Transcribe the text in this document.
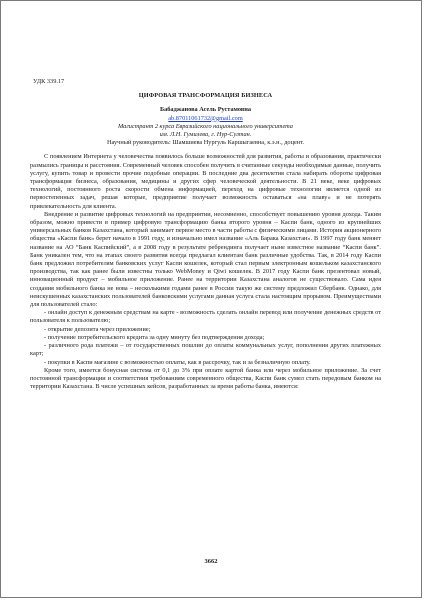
УДК 339.17

ЦИФРОВАЯ ТРАНСФОРМАЦИЯ БИЗНЕСА

Бабаджанова Асель Рустамовна

ab.87011061732@gmail.com

Магистрант 2 курса Евразийского национального университета

им. Л.Н. Гумилева, г. Нур-Султан.

Научный руководитель: Шамшиева Нургуль Каршыгаевна, к.э.н., доцент.

С появлением Интернета у человечества появилось больше возможностей для развития, работы и образования, практически размылись границы и расстояния. Современный человек способен получить в считанные секунды необходимые данные, получить услугу, купить товар и провести прочие подобные операции. В последние два десятилетия стала набирать обороты цифровая трансформация бизнеса, образования, медицины и других сфер человеческой деятельности. В 21 веке, веке цифровых технологий, постоянного роста скорости обмена информацией, переход на цифровые технологии является одной из первостепенных задач, решая которые, предприятие получает возможность оставаться «на плаву» и не потерять привлекательность для клиента.

Внедрение и развитие цифровых технологий на предприятии, несомненно, способствует повышению уровня дохода. Таким образом, можно привести в пример цифровую трансформацию банка второго уровня – Каспи банк, одного из крупнейших универсальных банков Казахстана, который занимает первое место в части работы с физическими лицами. История акционерного общества «Каспи банк» берет начало в 1991 году, и изначально имел название «Аль Барака Казахстан». В 1997 году банк меняет название на АО “Банк Каспийский”, а в 2008 году в результате ребрендинга получает ныне известное название “Каспи банк”. Банк уникален тем, что на этапах своего развития всегда предлагал клиентам банк различные удобства. Так, в 2014 году Каспи банк предложил потребителям банковских услуг Каспи кошелек, который стал первым электронным кошельком казахстанского производства, так как ранее были известны только WebMoney и Qiwi кошелек. В 2017 году Каспи банк презентовал новый, инновационный продукт – мобильное приложение. Ранее на территории Казахстана аналогов не существовало. Сама идея создания мобильного банка не нова – несколькими годами ранее в России такую же систему предложил Сбербанк. Однако, для неискушенных казахстанских пользователей банковскими услугами данная услуга стала настоящим прорывом. Преимуществами для пользователей стало:

- онлайн доступ к денежным средствам на карте - возможность сделать онлайн перевод или получение денежных средств от пользователя к пользователю;

- открытие депозита через приложение;

- получение потребительского кредита за одну минуту без подтверждения дохода;

- различного рода платежи – от государственных пошлин до оплаты коммунальных услуг, пополнения других платежных карт;

- покупки в Каспи магазине с возможностью оплаты, как в рассрочку, так и за безналичную оплату.

Кроме того, имеется бонусная система от 0,1 до 3% при оплате картой банка или через мобильное приложение. За счет постоянной трансформации и соответствия требованиям современного общества, Каспи банк сумел стать передовым банком на территории Казахстана. В числе успешных кейсов, разработанных за время работы банка, имеются:

3662
